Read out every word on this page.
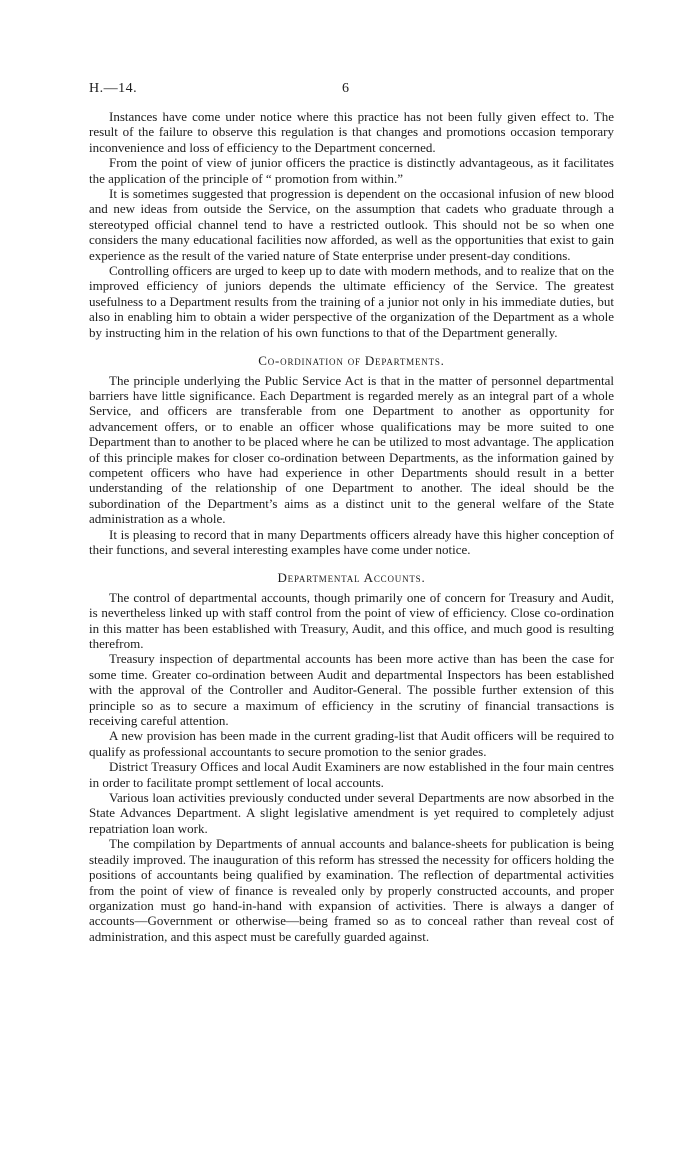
H.—14.	6

Instances have come under notice where this practice has not been fully given effect to. The result of the failure to observe this regulation is that changes and promotions occasion temporary inconvenience and loss of efficiency to the Department concerned.

From the point of view of junior officers the practice is distinctly advantageous, as it facilitates the application of the principle of “ promotion from within.”

It is sometimes suggested that progression is dependent on the occasional infusion of new blood and new ideas from outside the Service, on the assumption that cadets who graduate through a stereotyped official channel tend to have a restricted outlook. This should not be so when one considers the many educational facilities now afforded, as well as the opportunities that exist to gain experience as the result of the varied nature of State enterprise under present-day conditions.

Controlling officers are urged to keep up to date with modern methods, and to realize that on the improved efficiency of juniors depends the ultimate efficiency of the Service. The greatest usefulness to a Department results from the training of a junior not only in his immediate duties, but also in enabling him to obtain a wider perspective of the organization of the Department as a whole by instructing him in the relation of his own functions to that of the Department generally.

Co-ordination of Departments.

The principle underlying the Public Service Act is that in the matter of personnel departmental barriers have little significance. Each Department is regarded merely as an integral part of a whole Service, and officers are transferable from one Department to another as opportunity for advancement offers, or to enable an officer whose qualifications may be more suited to one Department than to another to be placed where he can be utilized to most advantage. The application of this principle makes for closer co-ordination between Departments, as the information gained by competent officers who have had experience in other Departments should result in a better understanding of the relationship of one Department to another. The ideal should be the subordination of the Department’s aims as a distinct unit to the general welfare of the State administration as a whole.

It is pleasing to record that in many Departments officers already have this higher conception of their functions, and several interesting examples have come under notice.

Departmental Accounts.

The control of departmental accounts, though primarily one of concern for Treasury and Audit, is nevertheless linked up with staff control from the point of view of efficiency. Close co-ordination in this matter has been established with Treasury, Audit, and this office, and much good is resulting therefrom.

Treasury inspection of departmental accounts has been more active than has been the case for some time. Greater co-ordination between Audit and departmental Inspectors has been established with the approval of the Controller and Auditor-General. The possible further extension of this principle so as to secure a maximum of efficiency in the scrutiny of financial transactions is receiving careful attention.

A new provision has been made in the current grading-list that Audit officers will be required to qualify as professional accountants to secure promotion to the senior grades.

District Treasury Offices and local Audit Examiners are now established in the four main centres in order to facilitate prompt settlement of local accounts.

Various loan activities previously conducted under several Departments are now absorbed in the State Advances Department. A slight legislative amendment is yet required to completely adjust repatriation loan work.

The compilation by Departments of annual accounts and balance-sheets for publication is being steadily improved. The inauguration of this reform has stressed the necessity for officers holding the positions of accountants being qualified by examination. The reflection of departmental activities from the point of view of finance is revealed only by properly constructed accounts, and proper organization must go hand-in-hand with expansion of activities. There is always a danger of accounts—Government or otherwise—being framed so as to conceal rather than reveal cost of administration, and this aspect must be carefully guarded against.
